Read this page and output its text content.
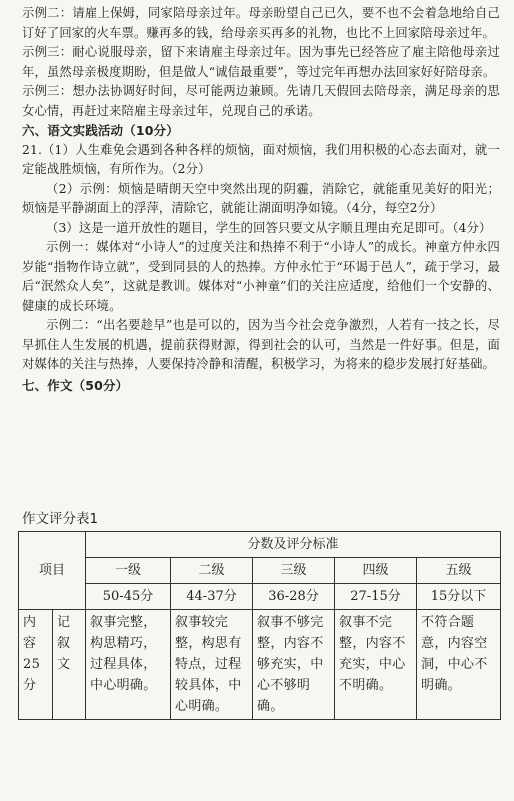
示例二：请雇上保姆，同家陪母亲过年。母亲盼望自己已久，要不也不会着急地给自己订好了回家的火车票。赚再多的钱，给母亲买再多的礼物，也比不上回家陪母亲过年。
示例三：耐心说服母亲，留下来请雇主母亲过年。因为事先已经答应了雇主陪他母亲过年，虽然母亲极度期盼，但是做人“诚信最重要”，等过完年再想办法回家好好陪母亲。
示例三：想办法协调好时间，尽可能两边兼顾。先请几天假回去陪母亲，满足母亲的思女心情，再赶过来陪雇主母亲过年，兑现自己的承诺。
六、语文实践活动（10分）
21.（1）人生难免会遇到各种各样的烦恼，面对烦恼，我们用积极的心态去面对，就一定能战胜烦恼，有所作为。（2分）
（2）示例：烦恼是晴朗天空中突然出现的阴霾，消除它，就能重见美好的阳光；烦恼是平静湖面上的浮萍，清除它，就能让湖面明净如镜。（4分，每空2分）
（3）这是一道开放性的题目，学生的回答只要文从字顺且理由充足即可。（4分）
示例一：媒体对“小诗人”的过度关注和热捧不利于“小诗人”的成长。神童方仲永四岁能“指物作诗立就”，受到同县的人的热捧。方仲永忙于“环谒于邑人”，疏于学习，最后“泯然众人矣”，这就是教训。媒体对“小神童”们的关注应适度，给他们一个安静的、健康的成长环境。
示例二：“出名要趁早”也是可以的，因为当今社会竞争激烈，人若有一技之长，尽早抓住人生发展的机遇，提前获得财源，得到社会的认可，当然是一件好事。但是，面对媒体的关注与热捧，人要保持冷静和清醒，积极学习，为将来的稳步发展打好基础。
七、作文（50分）
作文评分表1
项目		分数及评分标准				
		一级	二级	三级	四级	五级
		50-45分	44-37分	36-28分	27-15分	15分以下
内容25分	记叙文	叙事完整，构思精巧，过程具体，中心明确。	叙事较完整，构思有特点，过程较具体，中心明确。	叙事不够完整，内容不够充实，中心不够明确。	叙事不完整，内容不充实，中心不明确。	不符合题意，内容空洞，中心不明确。
